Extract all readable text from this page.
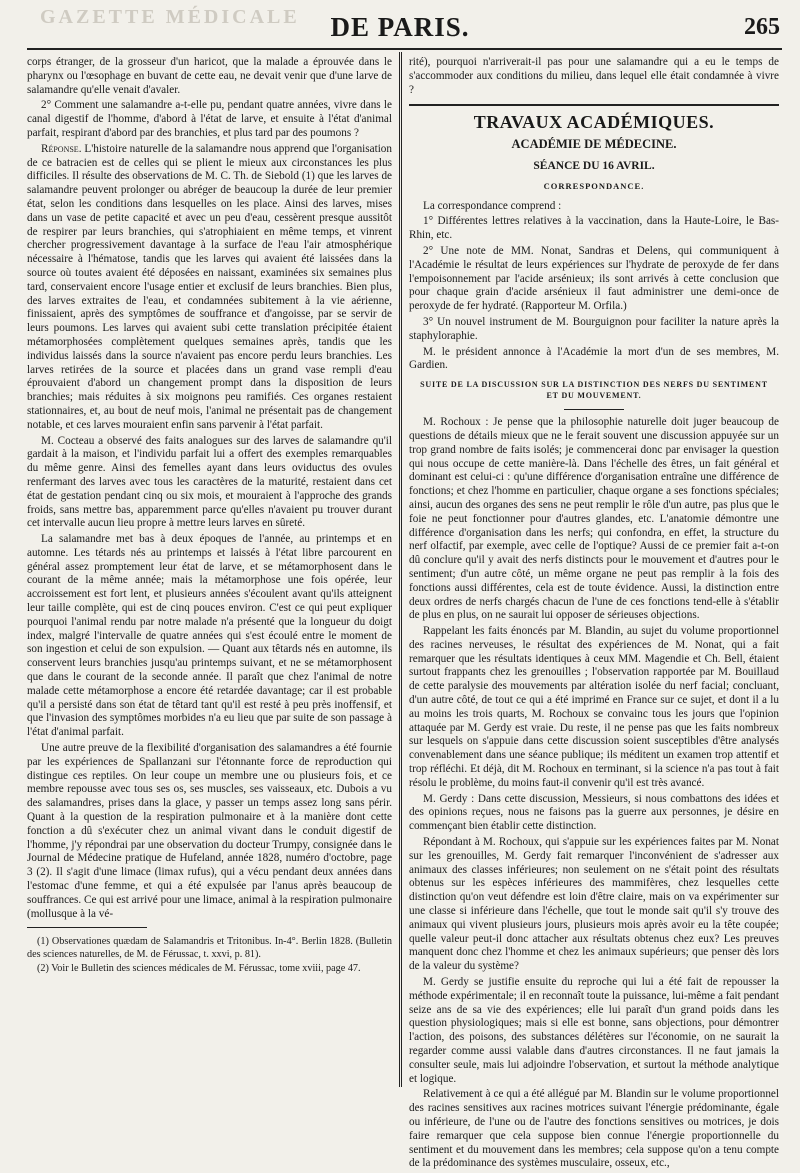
GAZETTE MÉDICALE	DE PARIS.	265

corps étranger, de la grosseur d'un haricot, que la malade a éprouvée dans le pharynx ou l'œsophage en buvant de cette eau, ne devait venir que d'une larve de salamandre qu'elle venait d'avaler.

2° Comment une salamandre a-t-elle pu, pendant quatre années, vivre dans le canal digestif de l'homme, d'abord à l'état de larve, et ensuite à l'état d'animal parfait, respirant d'abord par des branchies, et plus tard par des poumons ?

Réponse. L'histoire naturelle de la salamandre nous apprend que l'organisation de ce batracien est de celles qui se plient le mieux aux circonstances les plus difficiles. Il résulte des observations de M. C. Th. de Siebold (1) que les larves de salamandre peuvent prolonger ou abréger de beaucoup la durée de leur premier état, selon les conditions dans lesquelles on les place. Ainsi des larves, mises dans un vase de petite capacité et avec un peu d'eau, cessèrent presque aussitôt de respirer par leurs branchies, qui s'atrophiaient en même temps, et vinrent chercher progressivement davantage à la surface de l'eau l'air atmosphérique nécessaire à l'hématose, tandis que les larves qui avaient été laissées dans la source où toutes avaient été déposées en naissant, examinées six semaines plus tard, conservaient encore l'usage entier et exclusif de leurs branchies. Bien plus, des larves extraites de l'eau, et condamnées subitement à la vie aérienne, finissaient, après des symptômes de souffrance et d'angoisse, par se servir de leurs poumons. Les larves qui avaient subi cette translation précipitée étaient métamorphosées complètement quelques semaines après, tandis que les individus laissés dans la source n'avaient pas encore perdu leurs branchies. Les larves retirées de la source et placées dans un grand vase rempli d'eau éprouvaient d'abord un changement prompt dans la disposition de leurs branchies; mais réduites à six moignons peu ramifiés. Ces organes restaient stationnaires, et, au bout de neuf mois, l'animal ne présentait pas de changement notable, et ces larves mouraient enfin sans parvenir à l'état parfait.

M. Cocteau a observé des faits analogues sur des larves de salamandre qu'il gardait à la maison, et l'individu parfait lui a offert des exemples remarquables du même genre. Ainsi des femelles ayant dans leurs oviductus des ovules renfermant des larves avec tous les caractères de la maturité, restaient dans cet état de gestation pendant cinq ou six mois, et mouraient à l'approche des grands froids, sans mettre bas, apparemment parce qu'elles n'avaient pu trouver durant cet intervalle aucun lieu propre à mettre leurs larves en sûreté.

La salamandre met bas à deux époques de l'année, au printemps et en automne. Les tétards nés au printemps et laissés à l'état libre parcourent en général assez promptement leur état de larve, et se métamorphosent dans le courant de la même année; mais la métamorphose une fois opérée, leur accroissement est fort lent, et plusieurs années s'écoulent avant qu'ils atteignent leur taille complète, qui est de cinq pouces environ. C'est ce qui peut expliquer pourquoi l'animal rendu par notre malade n'a présenté que la longueur du doigt index, malgré l'intervalle de quatre années qui s'est écoulé entre le moment de son ingestion et celui de son expulsion. — Quant aux têtards nés en automne, ils conservent leurs branchies jusqu'au printemps suivant, et ne se métamorphosent que dans le courant de la seconde année. Il paraît que chez l'animal de notre malade cette métamorphose a encore été retardée davantage; car il est probable qu'il a persisté dans son état de têtard tant qu'il est resté à peu près inoffensif, et que l'invasion des symptômes morbides n'a eu lieu que par suite de son passage à l'état d'animal parfait.

Une autre preuve de la flexibilité d'organisation des salamandres a été fournie par les expériences de Spallanzani sur l'étonnante force de reproduction qui distingue ces reptiles. On leur coupe un membre une ou plusieurs fois, et ce membre repousse avec tous ses os, ses muscles, ses vaisseaux, etc. Dubois a vu des salamandres, prises dans la glace, y passer un temps assez long sans périr. Quant à la question de la respiration pulmonaire et à la manière dont cette fonction a dû s'exécuter chez un animal vivant dans le conduit digestif de l'homme, j'y répondrai par une observation du docteur Trumpy, consignée dans le Journal de Médecine pratique de Hufeland, année 1828, numéro d'octobre, page 3 (2). Il s'agit d'une limace (limax rufus), qui a vécu pendant deux années dans l'estomac d'une femme, et qui a été expulsée par l'anus après beaucoup de souffrances. Ce qui est arrivé pour une limace, animal à la respiration pulmonaire (mollusque à la vé-

(1) Observationes quædam de Salamandris et Tritonibus. In-4°. Berlin 1828. (Bulletin des sciences naturelles, de M. de Férussac, t. xxvi, p. 81).

(2) Voir le Bulletin des sciences médicales de M. Férussac, tome xviii, page 47.

rité), pourquoi n'arriverait-il pas pour une salamandre qui a eu le temps de s'accommoder aux conditions du milieu, dans lequel elle était condamnée à vivre ?

TRAVAUX ACADÉMIQUES.
ACADÉMIE DE MÉDECINE.
SÉANCE DU 16 AVRIL.
CORRESPONDANCE.

La correspondance comprend :

1° Différentes lettres relatives à la vaccination, dans la Haute-Loire, le Bas-Rhin, etc.

2° Une note de MM. Nonat, Sandras et Delens, qui communiquent à l'Académie le résultat de leurs expériences sur l'hydrate de peroxyde de fer dans l'empoisonnement par l'acide arsénieux; ils sont arrivés à cette conclusion que pour chaque grain d'acide arsénieux il faut administrer une demi-once de peroxyde de fer hydraté. (Rapporteur M. Orfila.)

3° Un nouvel instrument de M. Bourguignon pour faciliter la nature après la staphyloraphie.

M. le président annonce à l'Académie la mort d'un de ses membres, M. Gardien.

SUITE DE LA DISCUSSION SUR LA DISTINCTION DES NERFS DU SENTIMENT ET DU MOUVEMENT.

M. Rochoux : Je pense que la philosophie naturelle doit juger beaucoup de questions de détails mieux que ne le ferait souvent une discussion appuyée sur un trop grand nombre de faits isolés; je commencerai donc par envisager la question qui nous occupe de cette manière-là. Dans l'échelle des êtres, un fait général et dominant est celui-ci : qu'une différence d'organisation entraîne une différence de fonctions; et chez l'homme en particulier, chaque organe a ses fonctions spéciales; ainsi, aucun des organes des sens ne peut remplir le rôle d'un autre, pas plus que le foie ne peut fonctionner pour d'autres glandes, etc. L'anatomie démontre une différence d'organisation dans les nerfs; qui confondra, en effet, la structure du nerf olfactif, par exemple, avec celle de l'optique? Aussi de ce premier fait a-t-on dû conclure qu'il y avait des nerfs distincts pour le mouvement et d'autres pour le sentiment; d'un autre côté, un même organe ne peut pas remplir à la fois des fonctions aussi différentes, cela est de toute évidence. Aussi, la distinction entre deux ordres de nerfs chargés chacun de l'une de ces fonctions tend-elle à s'établir de plus en plus, on ne saurait lui opposer de sérieuses objections.

Rappelant les faits énoncés par M. Blandin, au sujet du volume proportionnel des racines nerveuses, le résultat des expériences de M. Nonat, qui a fait remarquer que les résultats identiques à ceux MM. Magendie et Ch. Bell, étaient surtout frappants chez les grenouilles ; l'observation rapportée par M. Bouillaud de cette paralysie des mouvements par altération isolée du nerf facial; concluant, d'un autre côté, de tout ce qui a été imprimé en France sur ce sujet, et dont il a lu au moins les trois quarts, M. Rochoux se convainc tous les jours que l'opinion attaquée par M. Gerdy est vraie. Du reste, il ne pense pas que les faits nombreux sur lesquels on s'appuie dans cette discussion soient susceptibles d'être analysés convenablement dans une séance publique; ils méditent un examen trop attentif et trop réfléchi. Et déjà, dit M. Rochoux en terminant, si la science n'a pas tout à fait résolu le problème, du moins faut-il convenir qu'il est très avancé.

M. Gerdy : Dans cette discussion, Messieurs, si nous combattons des idées et des opinions reçues, nous ne faisons pas la guerre aux personnes, je désire en commençant bien établir cette distinction.

Répondant à M. Rochoux, qui s'appuie sur les expériences faites par M. Nonat sur les grenouilles, M. Gerdy fait remarquer l'inconvénient de s'adresser aux animaux des classes inférieures; non seulement on ne s'était point des résultats obtenus sur les espèces inférieures des mammifères, chez lesquelles cette distinction qu'on veut défendre est loin d'être claire, mais on va expérimenter sur une classe si inférieure dans l'échelle, que tout le monde sait qu'il s'y trouve des animaux qui vivent plusieurs jours, plusieurs mois après avoir eu la tête coupée; quelle valeur peut-il donc attacher aux résultats obtenus chez eux? Les preuves manquent donc chez l'homme et chez les animaux supérieurs; que penser dès lors de la valeur du système?

M. Gerdy se justifie ensuite du reproche qui lui a été fait de repousser la méthode expérimentale; il en reconnaît toute la puissance, lui-même a fait pendant seize ans de sa vie des expériences; elle lui paraît d'un grand poids dans les question physiologiques; mais si elle est bonne, sans objections, pour démontrer l'action, des poisons, des substances délétères sur l'économie, on ne saurait la regarder comme aussi valable dans d'autres circonstances. Il ne faut jamais la consulter seule, mais lui adjoindre l'observation, et surtout la méthode analytique et logique.

Relativement à ce qui a été allégué par M. Blandin sur le volume proportionnel des racines sensitives aux racines motrices suivant l'énergie prédominante, égale ou inférieure, de l'une ou de l'autre des fonctions sensitives ou motrices, je dois faire remarquer que cela suppose bien connue l'énergie proportionnelle du sentiment et du mouvement dans les membres; cela suppose qu'on a tenu compte de la prédominance des systèmes musculaire, osseux, etc.,
